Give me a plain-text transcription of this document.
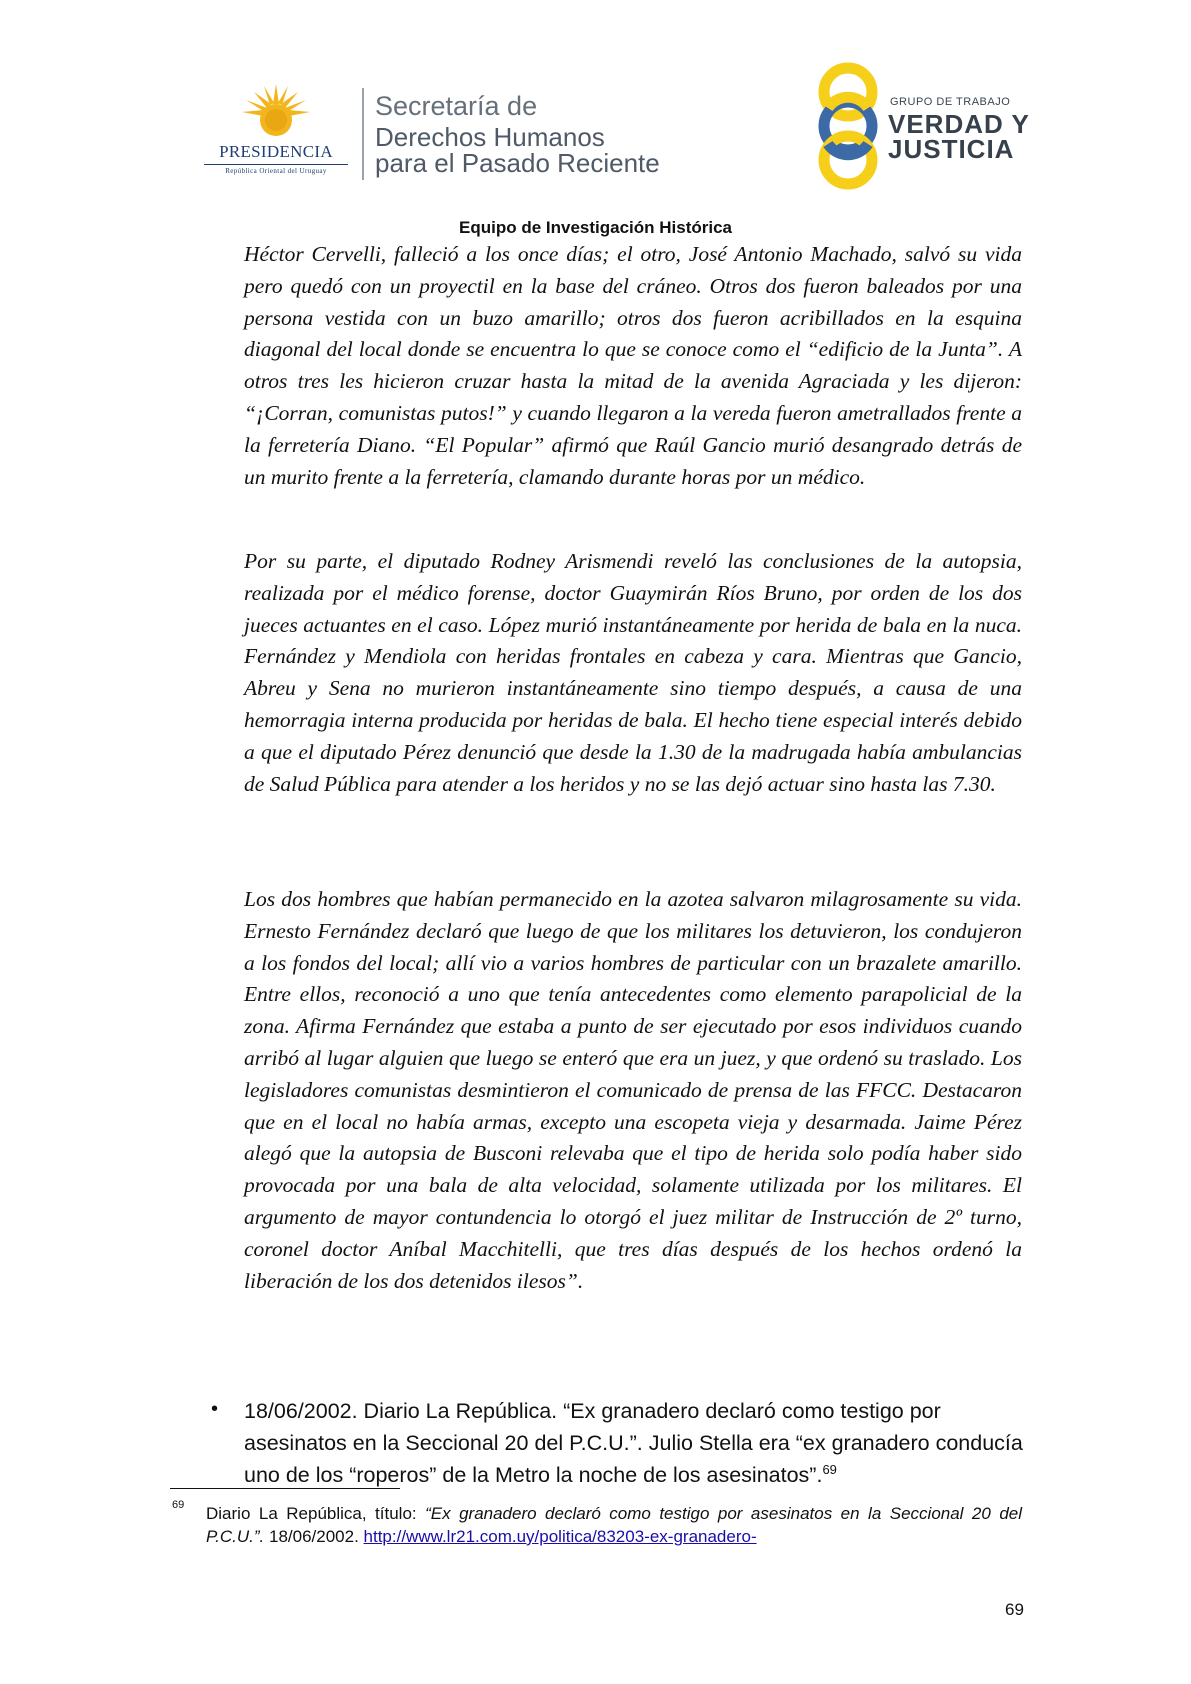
PRESIDENCIA
República Oriental del Uruguay
Secretaría de
Derechos Humanos
para el Pasado Reciente
GRUPO DE TRABAJO
VERDAD Y
JUSTICIA
Equipo de Investigación Histórica

Héctor Cervelli, falleció a los once días; el otro, José Antonio Machado, salvó su vida pero quedó con un proyectil en la base del cráneo. Otros dos fueron baleados por una persona vestida con un buzo amarillo; otros dos fueron acribillados en la esquina diagonal del local donde se encuentra lo que se conoce como el “edificio de la Junta”. A otros tres les hicieron cruzar hasta la mitad de la avenida Agraciada y les dijeron: “¡Corran, comunistas putos!” y cuando llegaron a la vereda fueron ametrallados frente a la ferretería Diano. “El Popular” afirmó que Raúl Gancio murió desangrado detrás de un murito frente a la ferretería, clamando durante horas por un médico.

Por su parte, el diputado Rodney Arismendi reveló las conclusiones de la autopsia, realizada por el médico forense, doctor Guaymirán Ríos Bruno, por orden de los dos jueces actuantes en el caso. López murió instantáneamente por herida de bala en la nuca. Fernández y Mendiola con heridas frontales en cabeza y cara. Mientras que Gancio, Abreu y Sena no murieron instantáneamente sino tiempo después, a causa de una hemorragia interna producida por heridas de bala. El hecho tiene especial interés debido a que el diputado Pérez denunció que desde la 1.30 de la madrugada había ambulancias de Salud Pública para atender a los heridos y no se las dejó actuar sino hasta las 7.30.

Los dos hombres que habían permanecido en la azotea salvaron milagrosamente su vida. Ernesto Fernández declaró que luego de que los militares los detuvieron, los condujeron a los fondos del local; allí vio a varios hombres de particular con un brazalete amarillo. Entre ellos, reconoció a uno que tenía antecedentes como elemento parapolicial de la zona. Afirma Fernández que estaba a punto de ser ejecutado por esos individuos cuando arribó al lugar alguien que luego se enteró que era un juez, y que ordenó su traslado. Los legisladores comunistas desmintieron el comunicado de prensa de las FFCC. Destacaron que en el local no había armas, excepto una escopeta vieja y desarmada. Jaime Pérez alegó que la autopsia de Busconi relevaba que el tipo de herida solo podía haber sido provocada por una bala de alta velocidad, solamente utilizada por los militares. El argumento de mayor contundencia lo otorgó el juez militar de Instrucción de 2º turno, coronel doctor Aníbal Macchitelli, que tres días después de los hechos ordenó la liberación de los dos detenidos ilesos”.

• 18/06/2002. Diario La República. “Ex granadero declaró como testigo por asesinatos en la Seccional 20 del P.C.U.”. Julio Stella era “ex granadero conducía uno de los “roperos” de la Metro la noche de los asesinatos”.$^{69}$

69 Diario La República, título: “Ex granadero declaró como testigo por asesinatos en la Seccional 20 del P.C.U.”. 18/06/2002. http://www.lr21.com.uy/politica/83203-ex-granadero-

69
